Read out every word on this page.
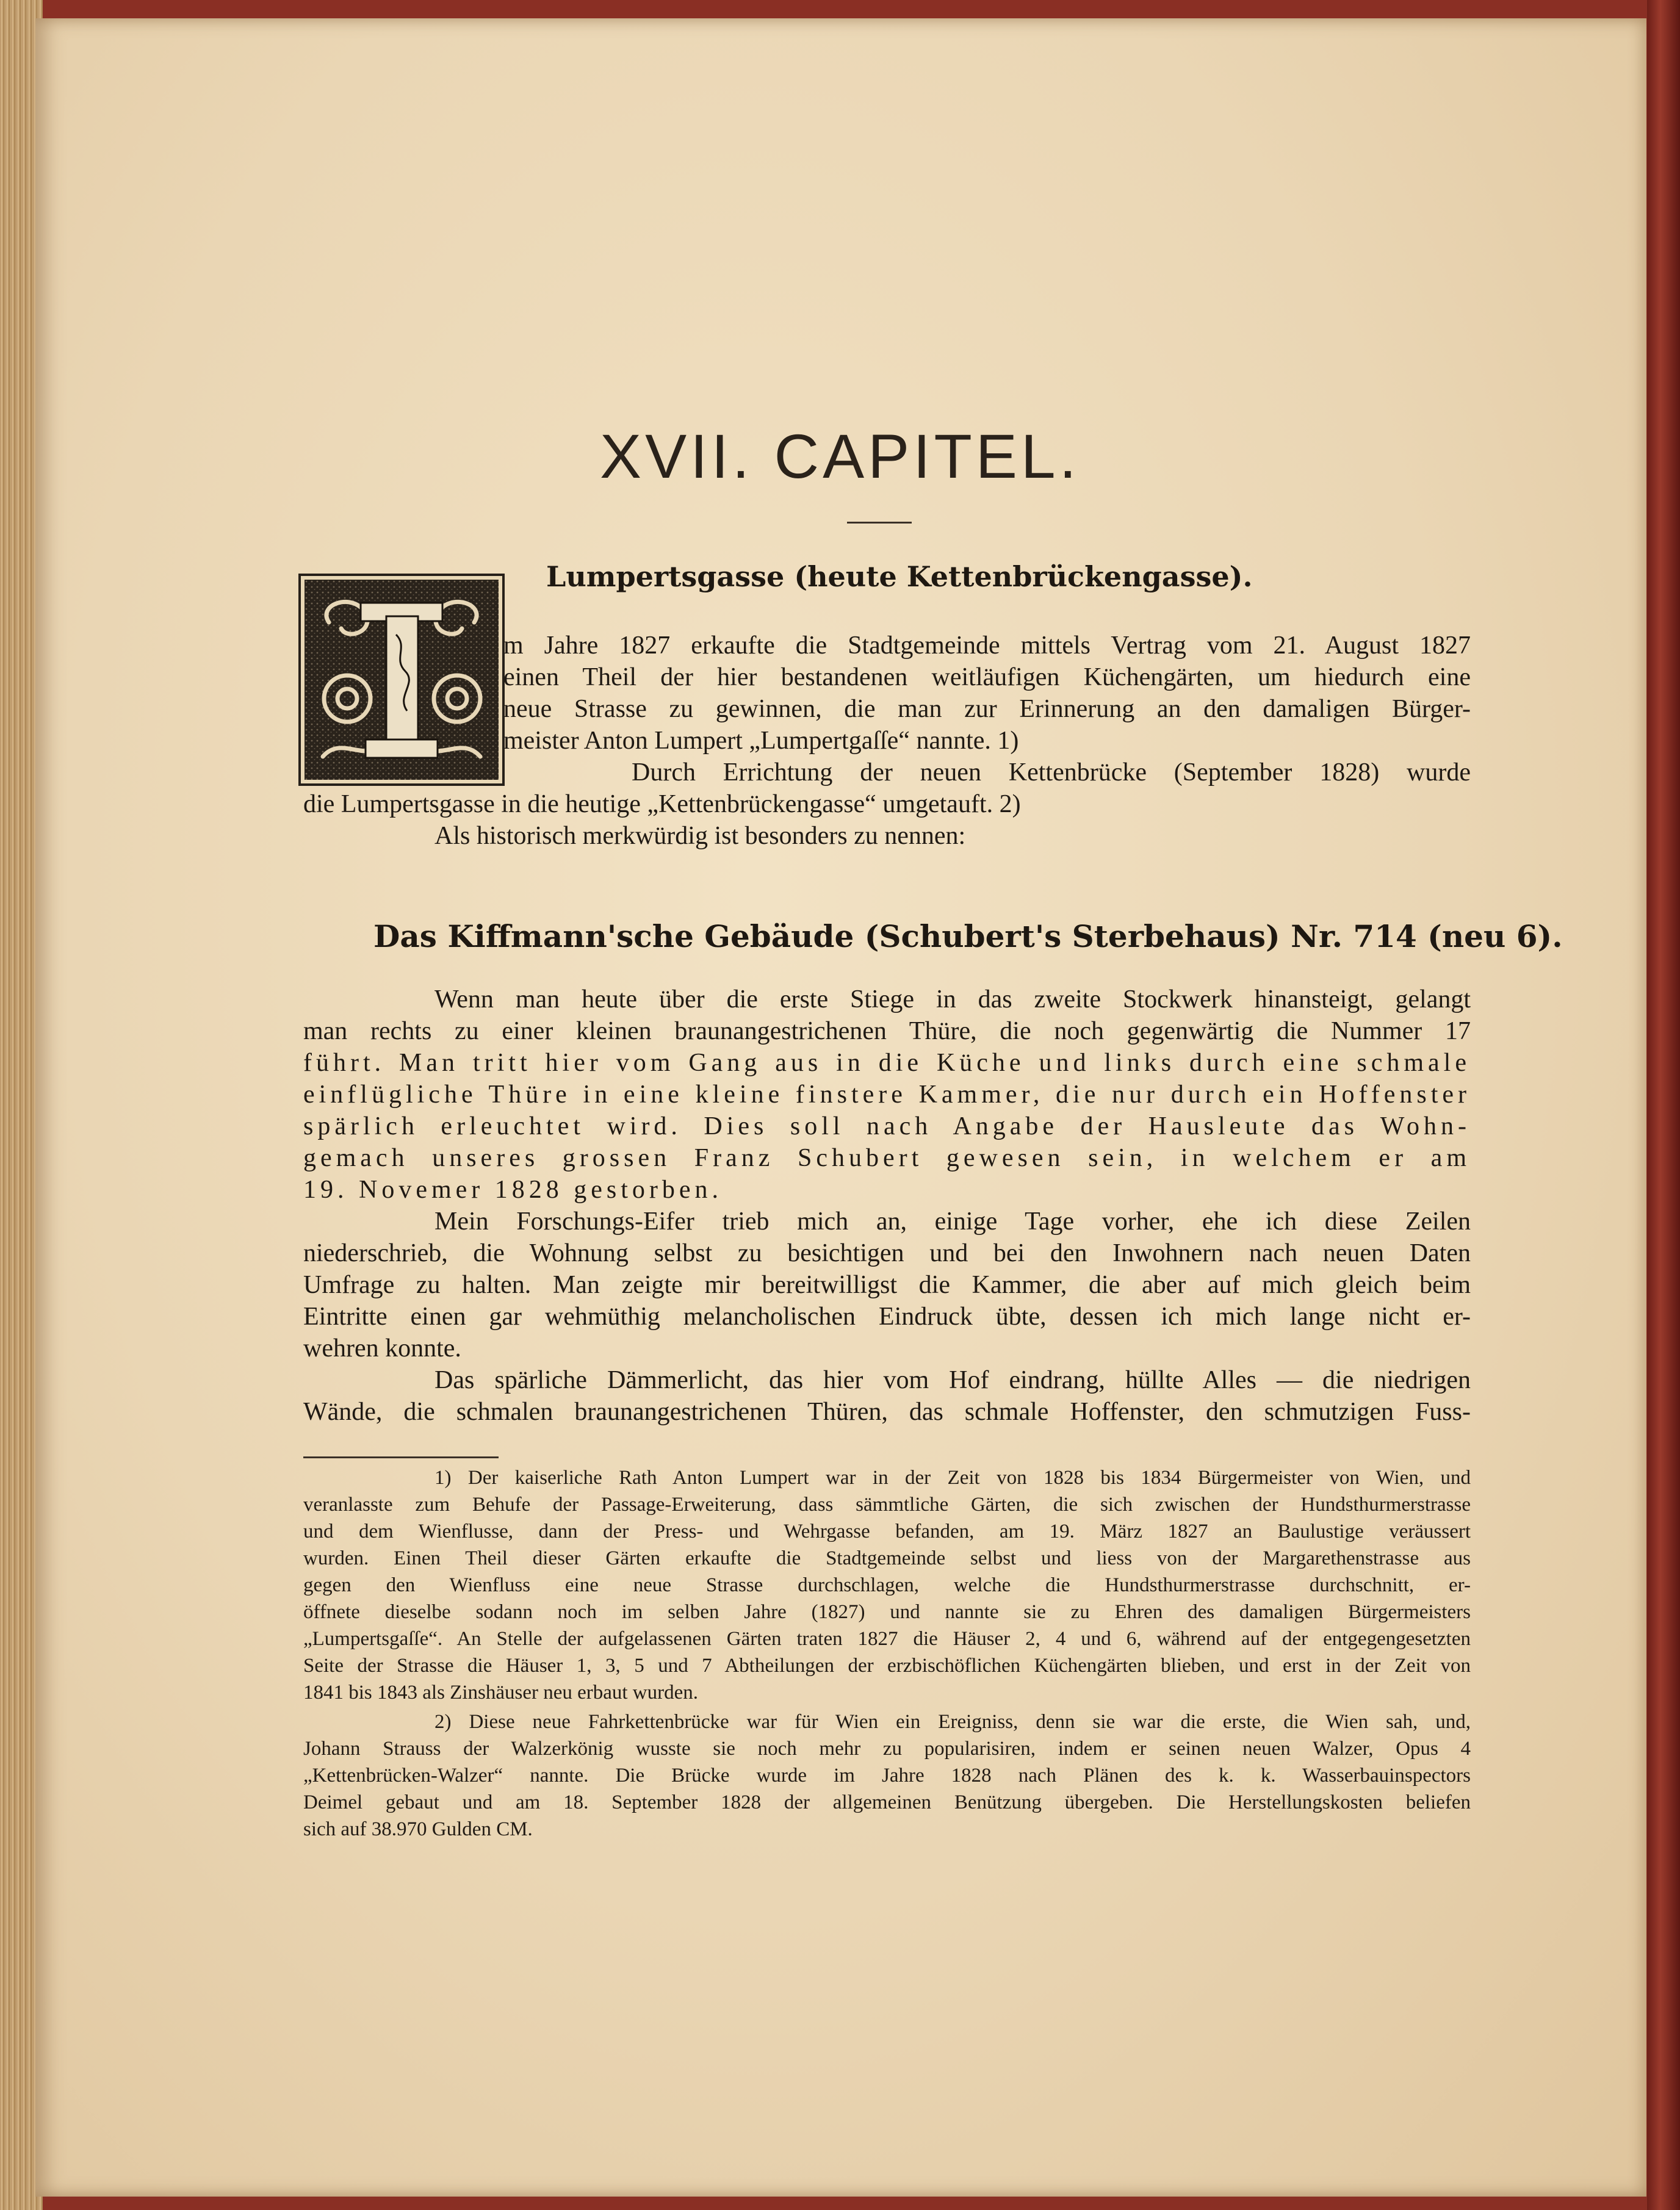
XVII. CAPITEL.
Lumpertsgasse (heute Kettenbrückengasse).
m Jahre 1827 erkaufte die Stadtgemeinde mittels Vertrag vom 21. August 1827
einen Theil der hier bestandenen weitläufigen Küchengärten, um hiedurch eine
neue Strasse zu gewinnen, die man zur Erinnerung an den damaligen Bürger-
meister Anton Lumpert „Lumpertgaſſe“ nannte. 1)
Durch Errichtung der neuen Kettenbrücke (September 1828) wurde
die Lumpertsgasse in die heutige „Kettenbrückengasse“ umgetauft. 2)
Als historisch merkwürdig ist besonders zu nennen:
Das Kiffmann'sche Gebäude (Schubert's Sterbehaus) Nr. 714 (neu 6).
Wenn man heute über die erste Stiege in das zweite Stockwerk hinansteigt, gelangt
man rechts zu einer kleinen braunangestrichenen Thüre, die noch gegenwärtig die Nummer 17
führt. Man tritt hier vom Gang aus in die Küche und links durch eine schmale
einflügliche Thüre in eine kleine finstere Kammer, die nur durch ein Hoffenster
spärlich erleuchtet wird. Dies soll nach Angabe der Hausleute das Wohn-
gemach unseres grossen Franz Schubert gewesen sein, in welchem er am
19. Novemer 1828 gestorben.
Mein Forschungs-Eifer trieb mich an, einige Tage vorher, ehe ich diese Zeilen
niederschrieb, die Wohnung selbst zu besichtigen und bei den Inwohnern nach neuen Daten
Umfrage zu halten. Man zeigte mir bereitwilligst die Kammer, die aber auf mich gleich beim
Eintritte einen gar wehmüthig melancholischen Eindruck übte, dessen ich mich lange nicht er-
wehren konnte.
Das spärliche Dämmerlicht, das hier vom Hof eindrang, hüllte Alles — die niedrigen
Wände, die schmalen braunangestrichenen Thüren, das schmale Hoffenster, den schmutzigen Fuss-
1) Der kaiserliche Rath Anton Lumpert war in der Zeit von 1828 bis 1834 Bürgermeister von Wien, und
veranlasste zum Behufe der Passage-Erweiterung, dass sämmtliche Gärten, die sich zwischen der Hundsthurmerstrasse
und dem Wienflusse, dann der Press- und Wehrgasse befanden, am 19. März 1827 an Baulustige veräussert
wurden. Einen Theil dieser Gärten erkaufte die Stadtgemeinde selbst und liess von der Margarethenstrasse aus
gegen den Wienfluss eine neue Strasse durchschlagen, welche die Hundsthurmerstrasse durchschnitt, er-
öffnete dieselbe sodann noch im selben Jahre (1827) und nannte sie zu Ehren des damaligen Bürgermeisters
„Lumpertsgaſſe“. An Stelle der aufgelassenen Gärten traten 1827 die Häuser 2, 4 und 6, während auf der entgegengesetzten
Seite der Strasse die Häuser 1, 3, 5 und 7 Abtheilungen der erzbischöflichen Küchengärten blieben, und erst in der Zeit von
1841 bis 1843 als Zinshäuser neu erbaut wurden.
2) Diese neue Fahrkettenbrücke war für Wien ein Ereigniss, denn sie war die erste, die Wien sah, und,
Johann Strauss der Walzerkönig wusste sie noch mehr zu popularisiren, indem er seinen neuen Walzer, Opus 4
„Kettenbrücken-Walzer“ nannte. Die Brücke wurde im Jahre 1828 nach Plänen des k. k. Wasserbauinspectors
Deimel gebaut und am 18. September 1828 der allgemeinen Benützung übergeben. Die Herstellungskosten beliefen
sich auf 38.970 Gulden CM.
